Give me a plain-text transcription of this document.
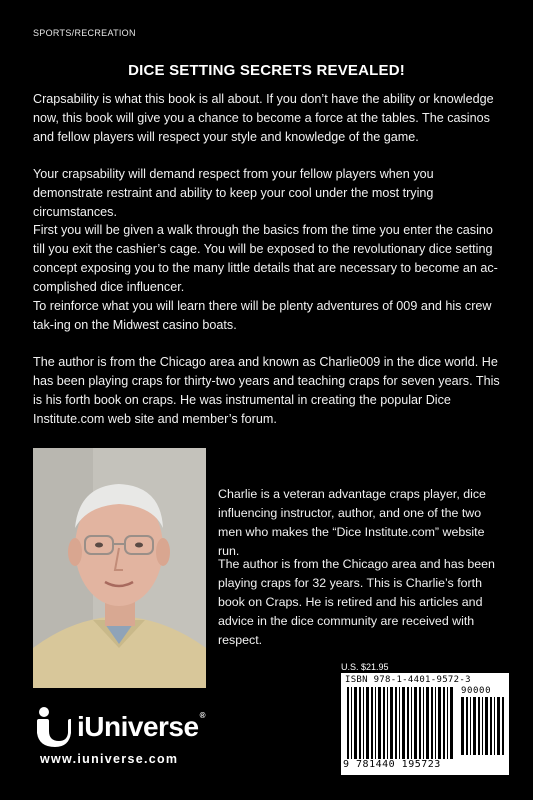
SPORTS/RECREATION
DICE SETTING SECRETS REVEALED!
Crapsability is what this book is all about. If you don’t have the ability or knowledge now, this book will give you a chance to become a force at the tables. The casinos and fellow players will respect your style and knowledge of the game.
Your crapsability will demand respect from your fellow players when you demonstrate restraint and ability to keep your cool under the most trying circumstances.
First you will be given a walk through the basics from the time you enter the casino till you exit the cashier’s cage. You will be exposed to the revolutionary dice setting concept exposing you to the many little details that are necessary to become an ac-complished dice influencer.
To reinforce what you will learn there will be plenty adventures of 009 and his crew tak-ing on the Midwest casino boats.
The author is from the Chicago area and known as Charlie009 in the dice world. He has been playing craps for thirty-two years and teaching craps for seven years. This is his forth book on craps. He was instrumental in creating the popular Dice Institute.com web site and member’s forum.
Charlie is a veteran advantage craps player, dice influencing instructor, author, and one of the two men who makes the “Dice Institute.com” website run.
The author is from the Chicago area and has been playing craps for 32 years. This is Charlie’s forth book on Craps. He is retired and his articles and advice in the dice community are received with respect.
iUniverse®
www.iuniverse.com
U.S. $21.95
ISBN 978-1-4401-9572-3
90000
9 781440 195723
